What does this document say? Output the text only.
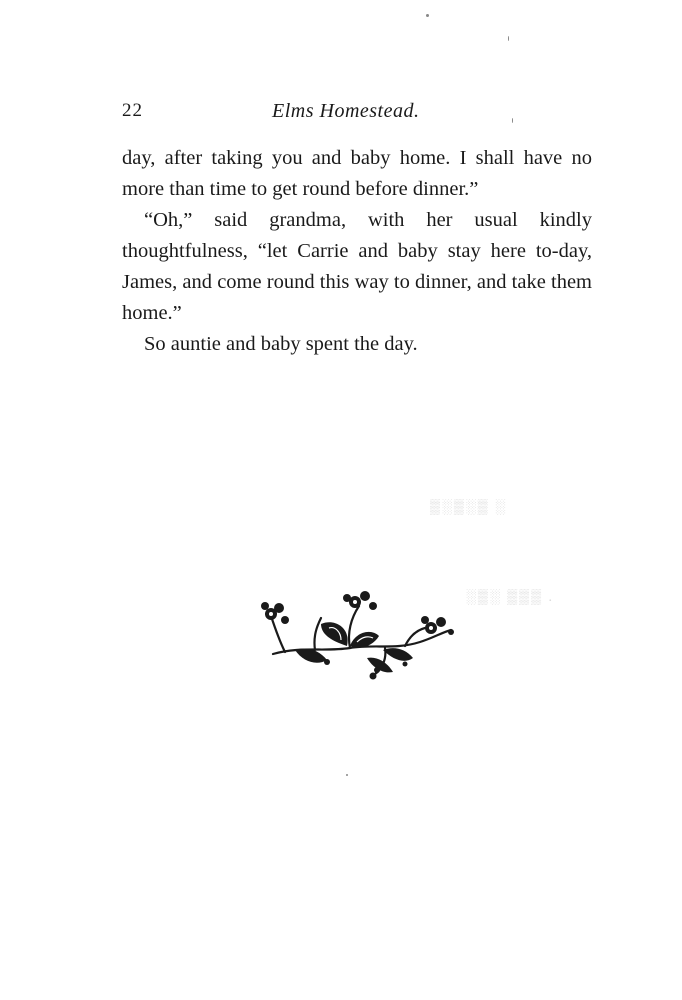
22	Elms Homestead.

day, after taking you and baby home. I shall have no more than time to get round before dinner.”

“Oh,” said grandma, with her usual kindly thoughtfulness, “let Carrie and baby stay here to-day, James, and come round this way to dinner, and take them home.”

So auntie and baby spent the day.

▒░▒░▒ ░
░▒░ ▒▒▒ .
